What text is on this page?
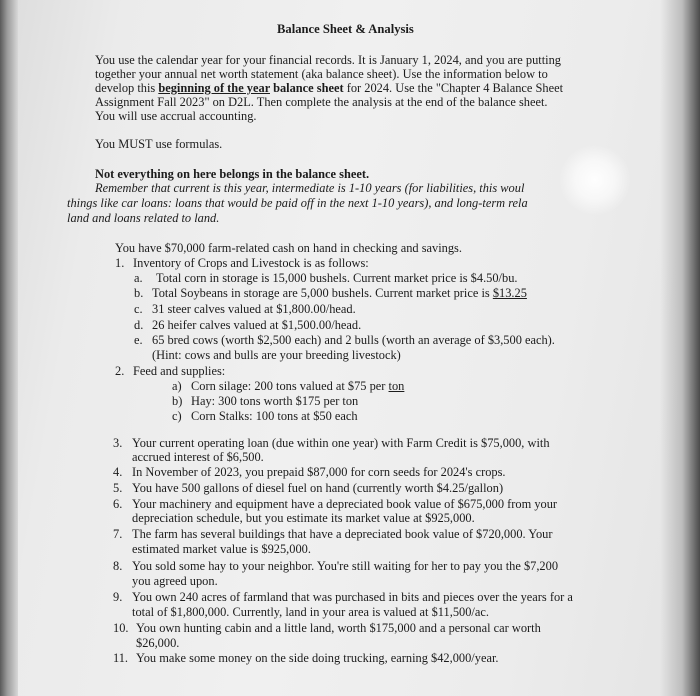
Balance Sheet & Analysis
You use the calendar year for your financial records. It is January 1, 2024, and you are putting
together your annual net worth statement (aka balance sheet). Use the information below to
develop this beginning of the year balance sheet for 2024. Use the "Chapter 4 Balance Sheet
Assignment Fall 2023" on D2L. Then complete the analysis at the end of the balance sheet.
You will use accrual accounting.
You MUST use formulas.
Not everything on here belongs in the balance sheet.
Remember that current is this year, intermediate is 1-10 years (for liabilities, this woul
things like car loans: loans that would be paid off in the next 1-10 years), and long-term rela
land and loans related to land.
You have $70,000 farm-related cash on hand in checking and savings.
1. Inventory of Crops and Livestock is as follows:
a. Total corn in storage is 15,000 bushels. Current market price is $4.50/bu.
b. Total Soybeans in storage are 5,000 bushels. Current market price is $13.25
c. 31 steer calves valued at $1,800.00/head.
d. 26 heifer calves valued at $1,500.00/head.
e. 65 bred cows (worth $2,500 each) and 2 bulls (worth an average of $3,500 each).
(Hint: cows and bulls are your breeding livestock)
2. Feed and supplies:
a) Corn silage: 200 tons valued at $75 per ton
b) Hay: 300 tons worth $175 per ton
c) Corn Stalks: 100 tons at $50 each
3. Your current operating loan (due within one year) with Farm Credit is $75,000, with
accrued interest of $6,500.
4. In November of 2023, you prepaid $87,000 for corn seeds for 2024's crops.
5. You have 500 gallons of diesel fuel on hand (currently worth $4.25/gallon)
6. Your machinery and equipment have a depreciated book value of $675,000 from your
depreciation schedule, but you estimate its market value at $925,000.
7. The farm has several buildings that have a depreciated book value of $720,000. Your
estimated market value is $925,000.
8. You sold some hay to your neighbor. You're still waiting for her to pay you the $7,200
you agreed upon.
9. You own 240 acres of farmland that was purchased in bits and pieces over the years for a
total of $1,800,000. Currently, land in your area is valued at $11,500/ac.
10. You own hunting cabin and a little land, worth $175,000 and a personal car worth
$26,000.
11. You make some money on the side doing trucking, earning $42,000/year.
